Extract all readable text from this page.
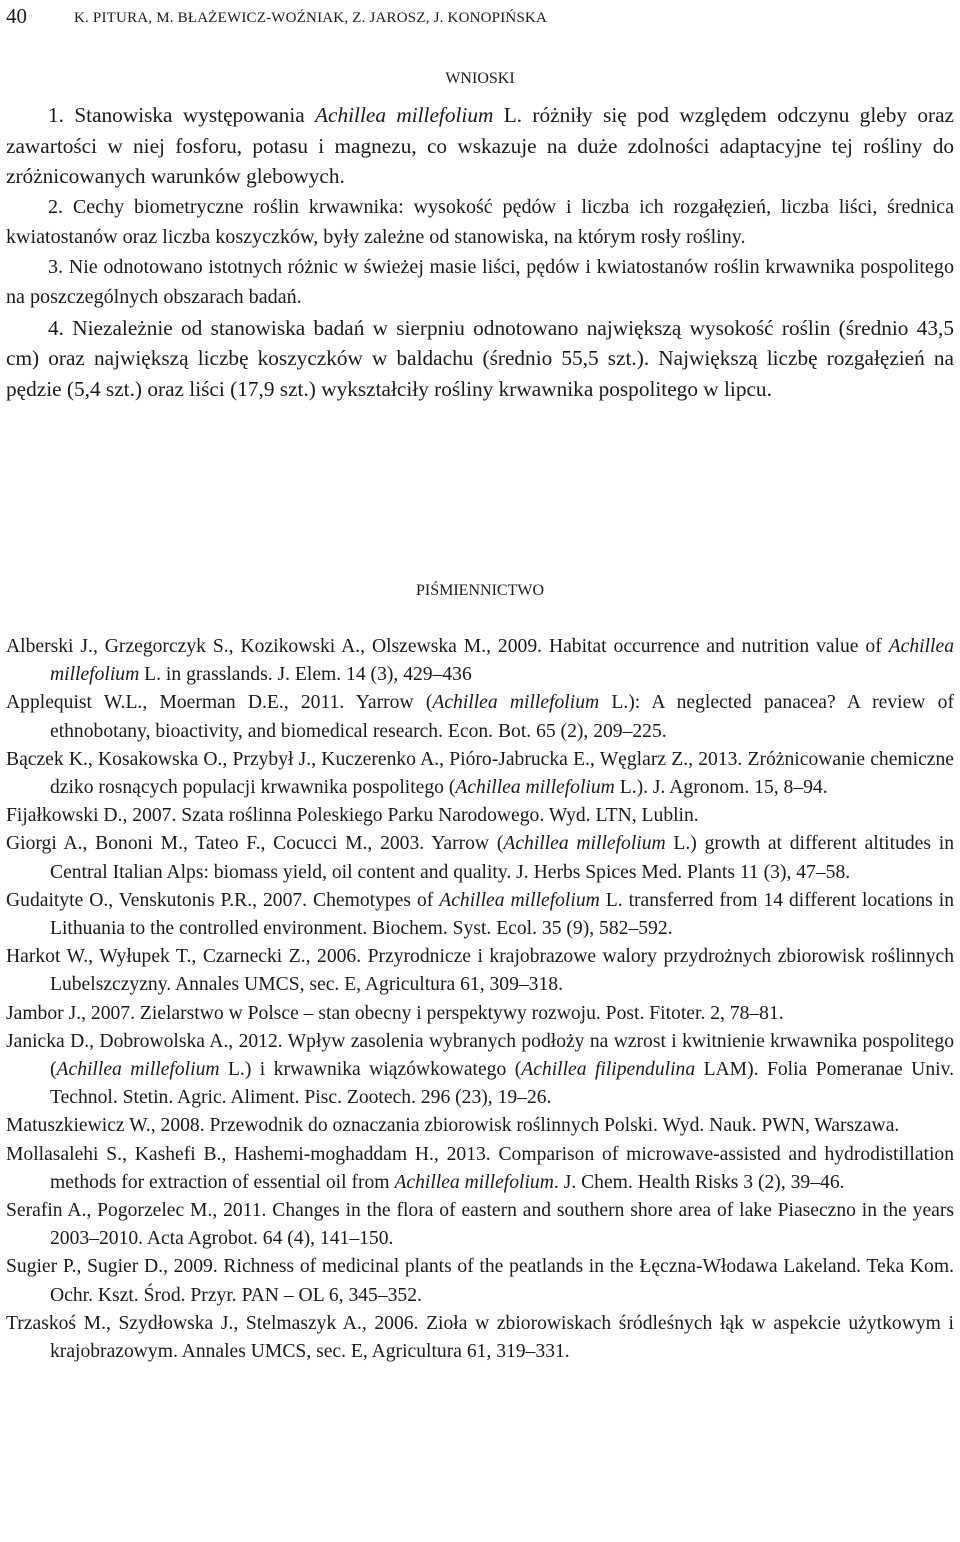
40	K. PITURA, M. BŁAŻEWICZ-WOŹNIAK, Z. JAROSZ, J. KONOPIŃSKA
WNIOSKI

1. Stanowiska występowania Achillea millefolium L. różniły się pod względem odczynu gleby oraz zawartości w niej fosforu, potasu i magnezu, co wskazuje na duże zdolności adaptacyjne tej rośliny do zróżnicowanych warunków glebowych.

2. Cechy biometryczne roślin krwawnika: wysokość pędów i liczba ich rozgałęzień, liczba liści, średnica kwiatostanów oraz liczba koszyczków, były zależne od stanowiska, na którym rosły rośliny.

3. Nie odnotowano istotnych różnic w świeżej masie liści, pędów i kwiatostanów roślin krwawnika pospolitego na poszczególnych obszarach badań.

4. Niezależnie od stanowiska badań w sierpniu odnotowano największą wysokość roślin (średnio 43,5 cm) oraz największą liczbę koszyczków w baldachu (średnio 55,5 szt.). Największą liczbę rozgałęzień na pędzie (5,4 szt.) oraz liści (17,9 szt.) wykształciły rośliny krwawnika pospolitego w lipcu.

PIŚMIENNICTWO

Alberski J., Grzegorczyk S., Kozikowski A., Olszewska M., 2009. Habitat occurrence and nutrition value of Achillea millefolium L. in grasslands. J. Elem. 14 (3), 429–436

Applequist W.L., Moerman D.E., 2011. Yarrow (Achillea millefolium L.): A neglected panacea? A review of ethnobotany, bioactivity, and biomedical research. Econ. Bot. 65 (2), 209–225.

Bączek K., Kosakowska O., Przybył J., Kuczerenko A., Pióro-Jabrucka E., Węglarz Z., 2013. Zróżnicowanie chemiczne dziko rosnących populacji krwawnika pospolitego (Achillea millefolium L.). J. Agronom. 15, 8–94.

Fijałkowski D., 2007. Szata roślinna Poleskiego Parku Narodowego. Wyd. LTN, Lublin.

Giorgi A., Bononi M., Tateo F., Cocucci M., 2003. Yarrow (Achillea millefolium L.) growth at different altitudes in Central Italian Alps: biomass yield, oil content and quality. J. Herbs Spices Med. Plants 11 (3), 47–58.

Gudaityte O., Venskutonis P.R., 2007. Chemotypes of Achillea millefolium L. transferred from 14 different locations in Lithuania to the controlled environment. Biochem. Syst. Ecol. 35 (9), 582–592.

Harkot W., Wyłupek T., Czarnecki Z., 2006. Przyrodnicze i krajobrazowe walory przydrożnych zbiorowisk roślinnych Lubelszczyzny. Annales UMCS, sec. E, Agricultura 61, 309–318.

Jambor J., 2007. Zielarstwo w Polsce – stan obecny i perspektywy rozwoju. Post. Fitoter. 2, 78–81.

Janicka D., Dobrowolska A., 2012. Wpływ zasolenia wybranych podłoży na wzrost i kwitnienie krwawnika pospolitego (Achillea millefolium L.) i krwawnika wiązówkowatego (Achillea filipendulina LAM). Folia Pomeranae Univ. Technol. Stetin. Agric. Aliment. Pisc. Zootech. 296 (23), 19–26.

Matuszkiewicz W., 2008. Przewodnik do oznaczania zbiorowisk roślinnych Polski. Wyd. Nauk. PWN, Warszawa.

Mollasalehi S., Kashefi B., Hashemi-moghaddam H., 2013. Comparison of microwave-assisted and hydrodistillation methods for extraction of essential oil from Achillea millefolium. J. Chem. Health Risks 3 (2), 39–46.

Serafin A., Pogorzelec M., 2011. Changes in the flora of eastern and southern shore area of lake Piaseczno in the years 2003–2010. Acta Agrobot. 64 (4), 141–150.

Sugier P., Sugier D., 2009. Richness of medicinal plants of the peatlands in the Łęczna-Włodawa Lakeland. Teka Kom. Ochr. Kszt. Środ. Przyr. PAN – OL 6, 345–352.

Trzaskoś M., Szydłowska J., Stelmaszyk A., 2006. Zioła w zbiorowiskach śródleśnych łąk w aspekcie użytkowym i krajobrazowym. Annales UMCS, sec. E, Agricultura 61, 319–331.
